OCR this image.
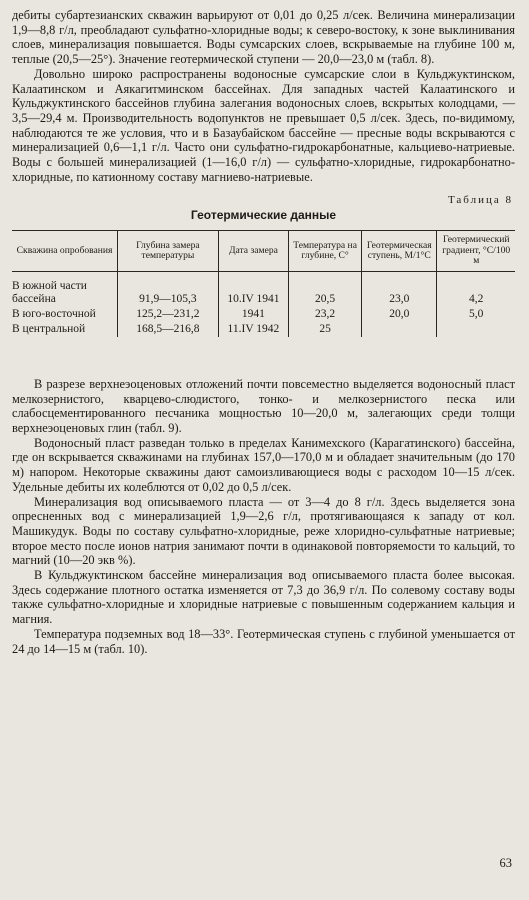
дебиты субартезианских скважин варьируют от 0,01 до 0,25 л/сек. Величина минерализации 1,9—8,8 г/л, преобладают сульфатно-хлоридные воды; к северо-востоку, к зоне выклинивания слоев, минерализация повышается. Воды сумсарских слоев, вскрываемые на глубине 100 м, теплые (20,5—25°). Значение геотермической ступени — 20,0—23,0 м (табл. 8).

Довольно широко распространены водоносные сумсарские слои в Кульджуктинском, Калаатинском и Аякагитминском бассейнах. Для западных частей Калаатинского и Кульджуктинского бассейнов глубина залегания водоносных слоев, вскрытых колодцами, —3,5—29,4 м. Производительность водопунктов не превышает 0,5 л/сек. Здесь, по-видимому, наблюдаются те же условия, что и в Базаубайском бассейне — пресные воды вскрываются с минерализацией 0,6—1,1 г/л. Часто они сульфатно-гидрокарбонатные, кальциево-натриевые. Воды с большей минерализацией (1—16,0 г/л) — сульфатно-хлоридные, гидрокарбонатно-хлоридные, по катионному составу магниево-натриевые.

Таблица 8
Геотермические данные
Скважина опробования	Глубина замера температуры	Дата замера	Температура на глубине, С°	Геотермическая ступень, М/1°С	Геотермический градиент, °С/100 м
В южной части бассейна	91,9—105,3	10.IV 1941	20,5	23,0	4,2
В юго-восточной	125,2—231,2	1941	23,2	20,0	5,0
В центральной	168,5—216,8	11.IV 1942	25		

В разрезе верхнеэоценовых отложений почти повсеместно выделяется водоносный пласт мелкозернистого, кварцево-слюдистого, тонко- и мелкозернистого песка или слабосцементированного песчаника мощностью 10—20,0 м, залегающих среди толщи верхнеэоценовых глин (табл. 9).

Водоносный пласт разведан только в пределах Канимехского (Карагатинского) бассейна, где он вскрывается скважинами на глубинах 157,0—170,0 м и обладает значительным (до 170 м) напором. Некоторые скважины дают самоизливающиеся воды с расходом 10—15 л/сек. Удельные дебиты их колеблются от 0,02 до 0,5 л/сек.

Минерализация вод описываемого пласта — от 3—4 до 8 г/л. Здесь выделяется зона опресненных вод с минерализацией 1,9—2,6 г/л, протягивающаяся к западу от кол. Машикудук. Воды по составу сульфатно-хлоридные, реже хлоридно-сульфатные натриевые; второе место после ионов натрия занимают почти в одинаковой повторяемости то кальций, то магний (10—20 экв %).

В Кульджуктинском бассейне минерализация вод описываемого пласта более высокая. Здесь содержание плотного остатка изменяется от 7,3 до 36,9 г/л. По солевому составу воды также сульфатно-хлоридные и хлоридные натриевые с повышенным содержанием кальция и магния.

Температура подземных вод 18—33°. Геотермическая ступень с глубиной уменьшается от 24 до 14—15 м (табл. 10).

63
